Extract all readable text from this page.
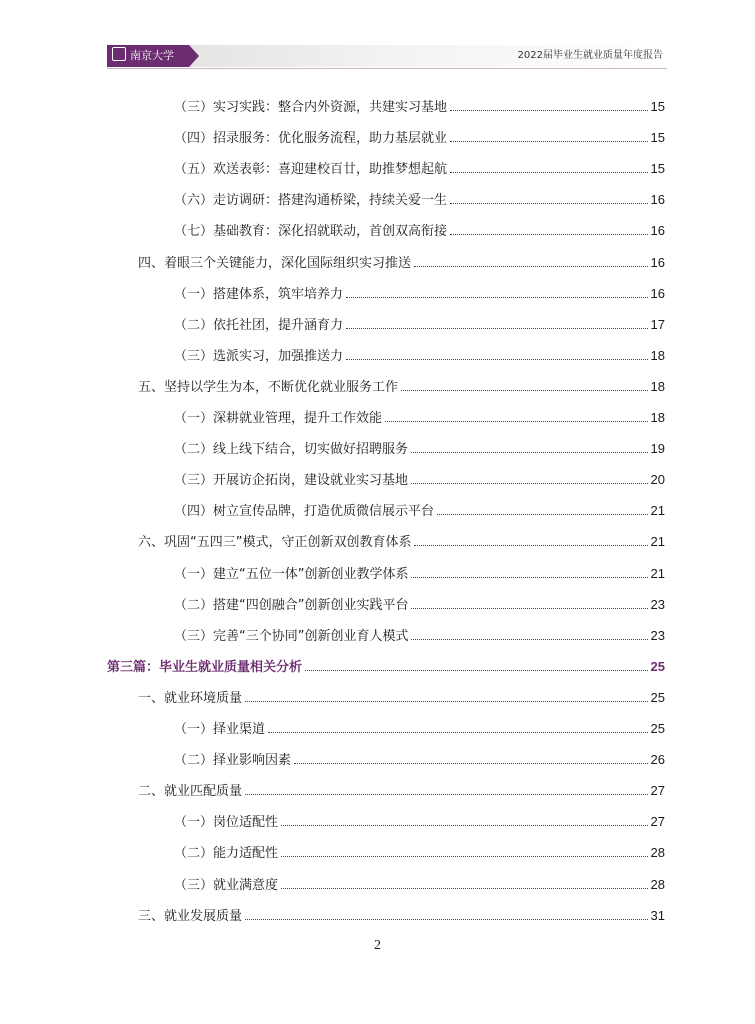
南京大学	2022届毕业生就业质量年度报告
（三）实习实践：整合内外资源，共建实习基地	15
（四）招录服务：优化服务流程，助力基层就业	15
（五）欢送表彰：喜迎建校百廿，助推梦想起航	15
（六）走访调研：搭建沟通桥梁，持续关爱一生	16
（七）基础教育：深化招就联动，首创双高衔接	16
四、着眼三个关键能力，深化国际组织实习推送	16
（一）搭建体系，筑牢培养力	16
（二）依托社团，提升涵育力	17
（三）选派实习，加强推送力	18
五、坚持以学生为本，不断优化就业服务工作	18
（一）深耕就业管理，提升工作效能	18
（二）线上线下结合，切实做好招聘服务	19
（三）开展访企拓岗，建设就业实习基地	20
（四）树立宣传品牌，打造优质微信展示平台	21
六、巩固“五四三”模式，守正创新双创教育体系	21
（一）建立“五位一体”创新创业教学体系	21
（二）搭建“四创融合”创新创业实践平台	23
（三）完善“三个协同”创新创业育人模式	23
第三篇：毕业生就业质量相关分析	25
一、就业环境质量	25
（一）择业渠道	25
（二）择业影响因素	26
二、就业匹配质量	27
（一）岗位适配性	27
（二）能力适配性	28
（三）就业满意度	28
三、就业发展质量	31
2
